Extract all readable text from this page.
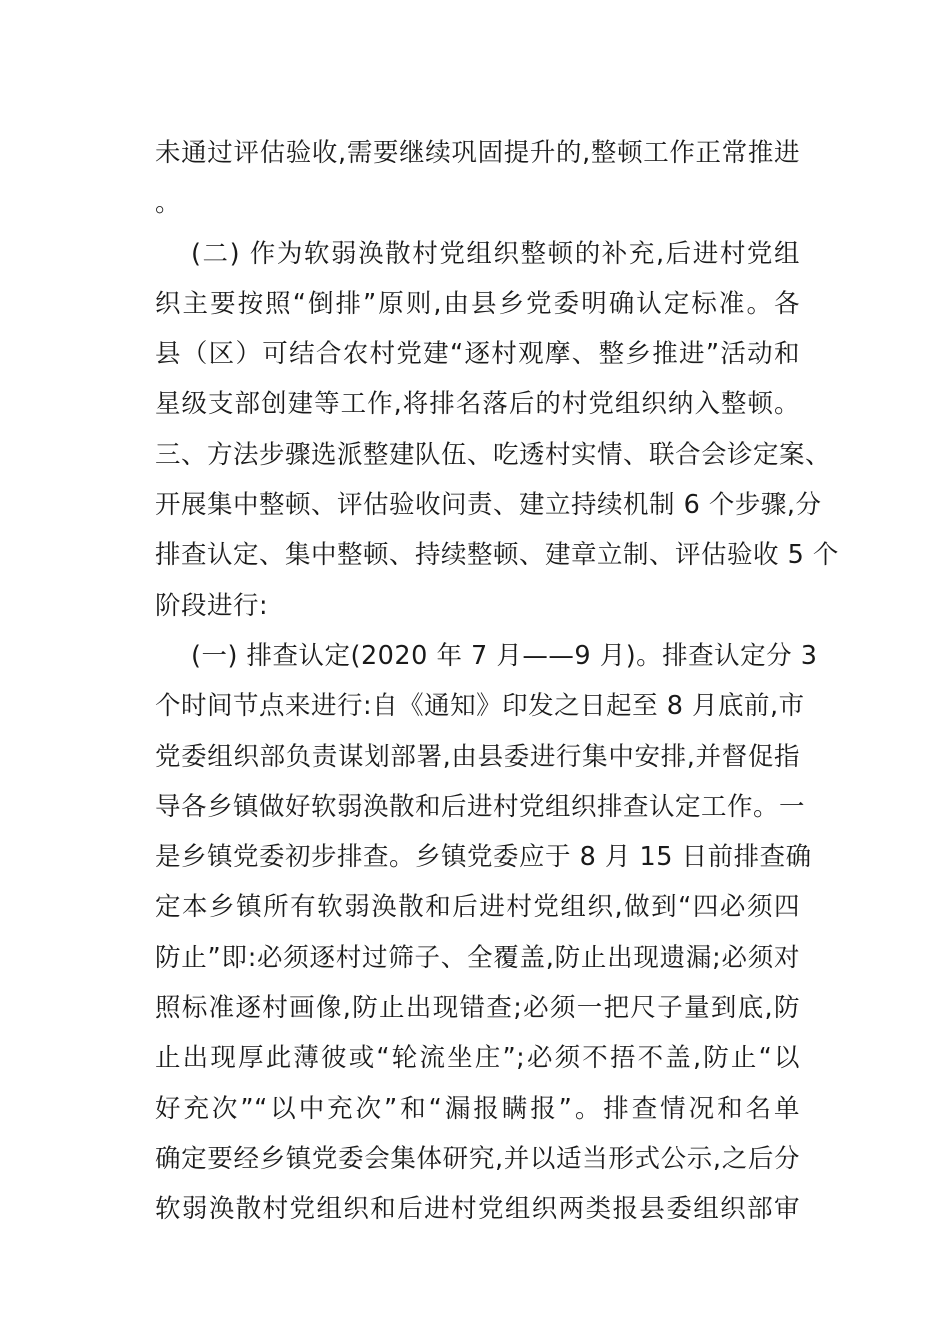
未通过评估验收,需要继续巩固提升的,整顿工作正常推进
。
(二) 作为软弱涣散村党组织整顿的补充,后进村党组
织主要按照“倒排”原则,由县乡党委明确认定标准。各
县（区）可结合农村党建“逐村观摩、整乡推进”活动和
星级支部创建等工作,将排名落后的村党组织纳入整顿。
三、方法步骤选派整建队伍、吃透村实情、联合会诊定案、
开展集中整顿、评估验收问责、建立持续机制 6 个步骤,分
排查认定、集中整顿、持续整顿、建章立制、评估验收 5 个
阶段进行:
(一) 排查认定(2020 年 7 月——9 月)。排查认定分 3
个时间节点来进行:自《通知》印发之日起至 8 月底前,市
党委组织部负责谋划部署,由县委进行集中安排,并督促指
导各乡镇做好软弱涣散和后进村党组织排查认定工作。一
是乡镇党委初步排查。乡镇党委应于 8 月 15 日前排查确
定本乡镇所有软弱涣散和后进村党组织,做到“四必须四
防止”即:必须逐村过筛子、全覆盖,防止出现遗漏;必须对
照标准逐村画像,防止出现错查;必须一把尺子量到底,防
止出现厚此薄彼或“轮流坐庄”;必须不捂不盖,防止“以
好充次”“以中充次”和“漏报瞒报”。排查情况和名单
确定要经乡镇党委会集体研究,并以适当形式公示,之后分
软弱涣散村党组织和后进村党组织两类报县委组织部审
